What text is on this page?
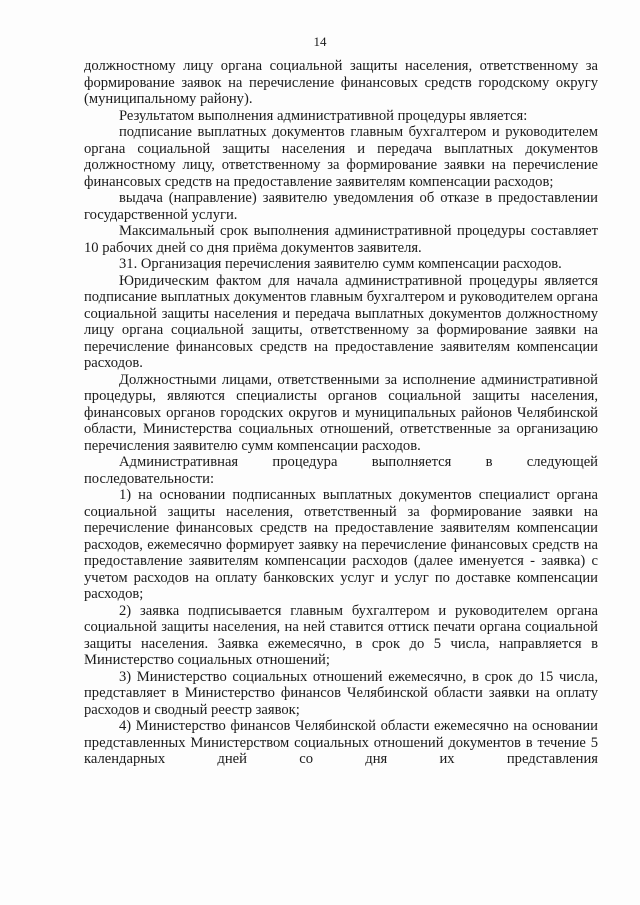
14

должностному лицу органа социальной защиты населения, ответственному за формирование заявок на перечисление финансовых средств городскому округу (муниципальному району).

Результатом выполнения административной процедуры является:

подписание выплатных документов главным бухгалтером и руководителем органа социальной защиты населения и передача выплатных документов должностному лицу, ответственному за формирование заявки на перечисление финансовых средств на предоставление заявителям компенсации расходов;

выдача (направление) заявителю уведомления об отказе в предоставлении государственной услуги.

Максимальный срок выполнения административной процедуры составляет 10 рабочих дней со дня приёма документов заявителя.

31. Организация перечисления заявителю сумм компенсации расходов.

Юридическим фактом для начала административной процедуры является подписание выплатных документов главным бухгалтером и руководителем органа социальной защиты населения и передача выплатных документов должностному лицу органа социальной защиты, ответственному за формирование заявки на перечисление финансовых средств на предоставление заявителям компенсации расходов.

Должностными лицами, ответственными за исполнение административной процедуры, являются специалисты органов социальной защиты населения, финансовых органов городских округов и муниципальных районов Челябинской области, Министерства социальных отношений, ответственные за организацию перечисления заявителю сумм компенсации расходов.

Административная процедура выполняется в следующей последовательности:

1) на основании подписанных выплатных документов специалист органа социальной защиты населения, ответственный за формирование заявки на перечисление финансовых средств на предоставление заявителям компенсации расходов, ежемесячно формирует заявку на перечисление финансовых средств на предоставление заявителям компенсации расходов (далее именуется - заявка) с учетом расходов на оплату банковских услуг и услуг по доставке компенсации расходов;

2) заявка подписывается главным бухгалтером и руководителем органа социальной защиты населения, на ней ставится оттиск печати органа социальной защиты населения. Заявка ежемесячно, в срок до 5 числа, направляется в Министерство социальных отношений;

3) Министерство социальных отношений ежемесячно, в срок до 15 числа, представляет в Министерство финансов Челябинской области заявки на оплату расходов и сводный реестр заявок;

4) Министерство финансов Челябинской области ежемесячно на основании представленных Министерством социальных отношений документов в течение 5 календарных дней со дня их представления
